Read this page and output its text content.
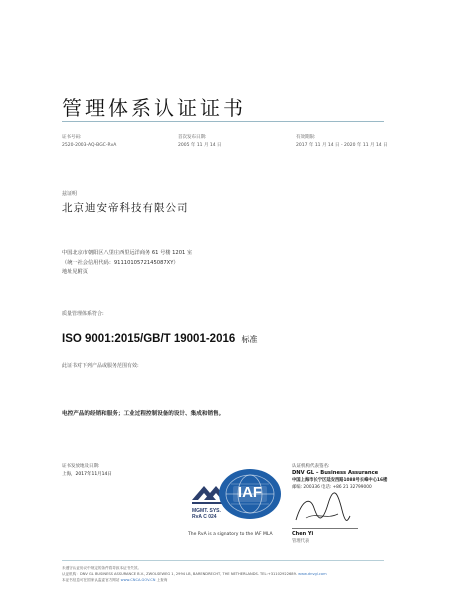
管理体系认证证书
证书号码:
2520-2003-AQ-BGC-RvA
首次发布日期:
2005 年 11 月 14 日
有效期限:
2017 年 11 月 14 日 - 2020 年 11 月 14 日
兹证明
北京迪安帝科技有限公司
中国北京市朝阳区八里庄西里远洋商务 61 号楼 1201 室
（统一社会信用代码：91110105721450​87XY）
地址见附页
质量管理体系符合:
ISO 9001:2015/GB/T 19001-2016 标准
此证书对下列产品或服务范围有效:
电控产品的经销和服务；工业过程控制设备的设计、集成和销售。
证书发放地及日期:
上海，2017年11月14日
MGMT. SYS.
RvA C 024
IAF
The RvA is a signatory to the IAF MLA
认证机构代表签名:
DNV GL – Business Assurance
中国上海市长宁区延安西路1088号长峰中心16楼
邮编: 200336 电话: +86 21 32799000
Chen Yi
管理代表
未遵守认证协议中规定的条件将导致本证书失效。
认证机构：DNV GL BUSINESS ASSURANCE B.V., ZWOLSEWEG 1, 2994 LB, BARENDRECHT, THE NETHERLANDS. TEL:+31102922689. www.dnvgl.com
本证书信息可在国家认监委官方网站 www.CNCA.GOV.CN 上查询
